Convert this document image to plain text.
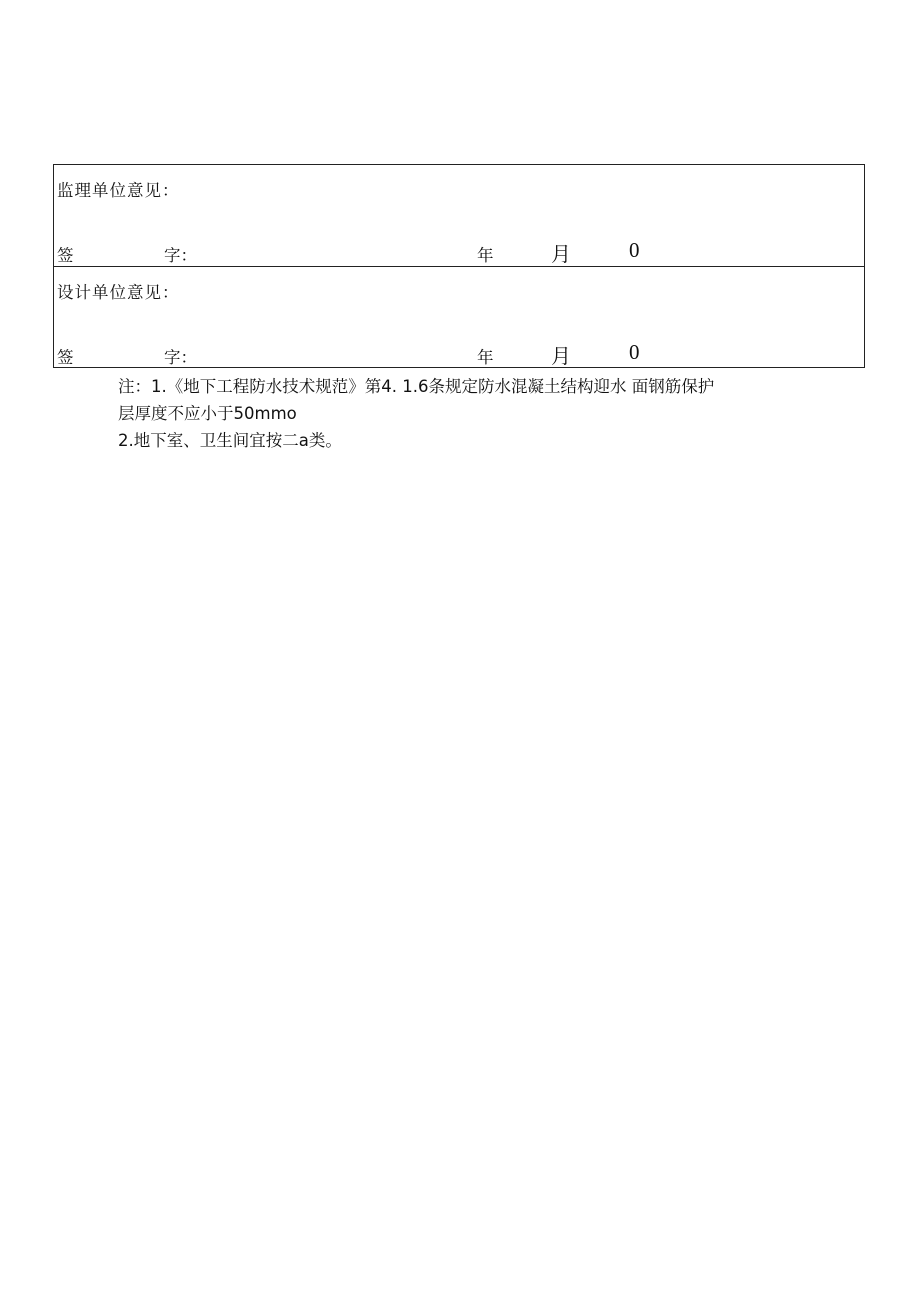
监理单位意见：
签	字：	年	月	0
设计单位意见：
签	字：	年	月	0

注：1.《地下工程防水技术规范》第4. 1.6条规定防水混凝土结构迎水 面钢筋保护

层厚度不应小于50mmo

2.地下室、卫生间宜按二a类。
